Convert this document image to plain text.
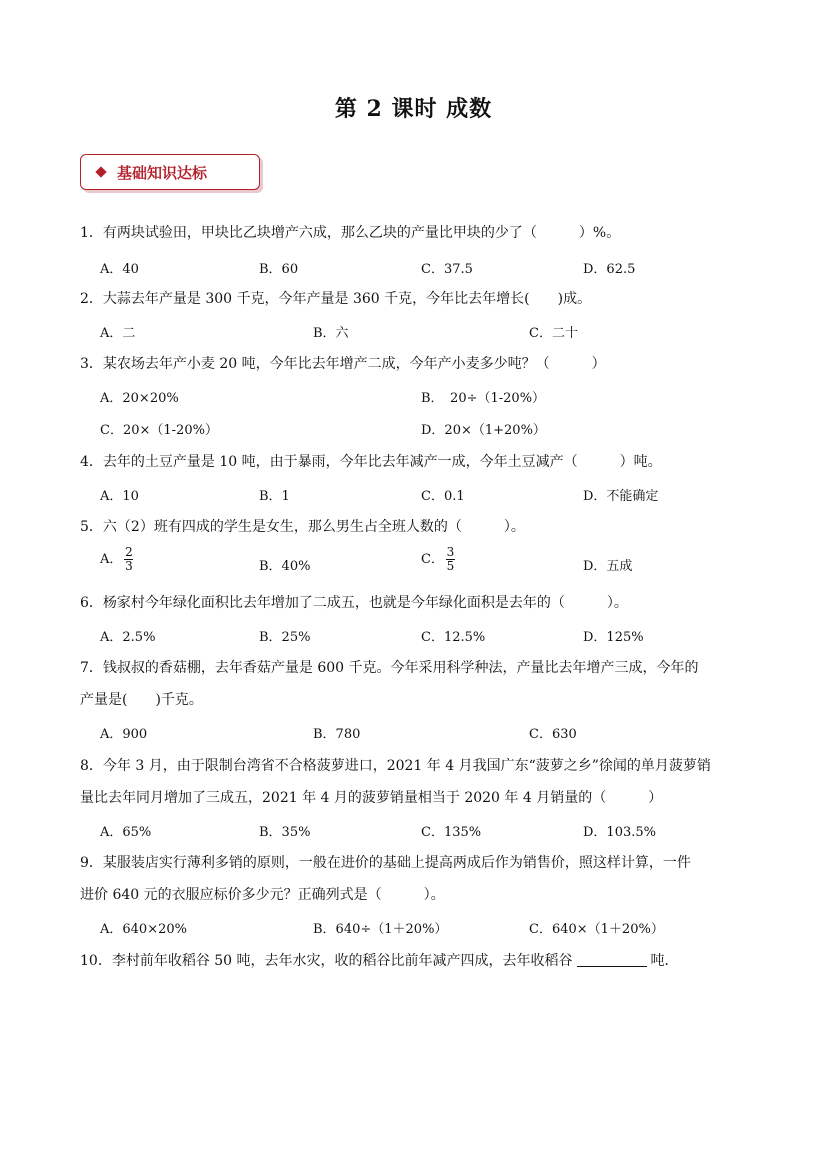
第 2 课时 成数
基础知识达标
1．有两块试验田，甲块比乙块增产六成，那么乙块的产量比甲块的少了（　　　）%。
A．40	B．60	C．37.5	D．62.5
2．大蒜去年产量是 300 千克，今年产量是 360 千克，今年比去年增长(　　)成。
A．二	B．六	C．二十
3．某农场去年产小麦 20 吨，今年比去年增产二成，今年产小麦多少吨？（　　　）
A．20×20%	B．　20÷（1-20%）
C．20×（1-20%）	D．20×（1+20%）
4．去年的土豆产量是 10 吨，由于暴雨，今年比去年减产一成，今年土豆减产（　　　）吨。
A．10	B．1	C．0.1	D．不能确定
5．六（2）班有四成的学生是女生，那么男生占全班人数的（　　　）。
A． $\frac{2}{3}$	B．40%	C． $\frac{3}{5}$	D．五成
6．杨家村今年绿化面积比去年增加了二成五，也就是今年绿化面积是去年的（　　　）。
A．2.5%	B．25%	C．12.5%	D．125%
7．钱叔叔的香菇棚，去年香菇产量是 600 千克。今年采用科学种法，产量比去年增产三成，今年的
产量是(　　)千克。
A．900	B．780	C．630
8．今年 3 月，由于限制台湾省不合格菠萝进口，2021 年 4 月我国广东“菠萝之乡”徐闻的单月菠萝销
量比去年同月增加了三成五，2021 年 4 月的菠萝销量相当于 2020 年 4 月销量的（　　　）
A．65%	B．35%	C．135%	D．103.5%
9．某服装店实行薄利多销的原则，一般在进价的基础上提高两成后作为销售价，照这样计算，一件
进价 640 元的衣服应标价多少元？正确列式是（　　　）。
A．640×20%	B．640÷（1＋20%）	C．640×（1＋20%）
10．李村前年收稻谷 50 吨，去年水灾，收的稻谷比前年减产四成，去年收稻谷	吨．
